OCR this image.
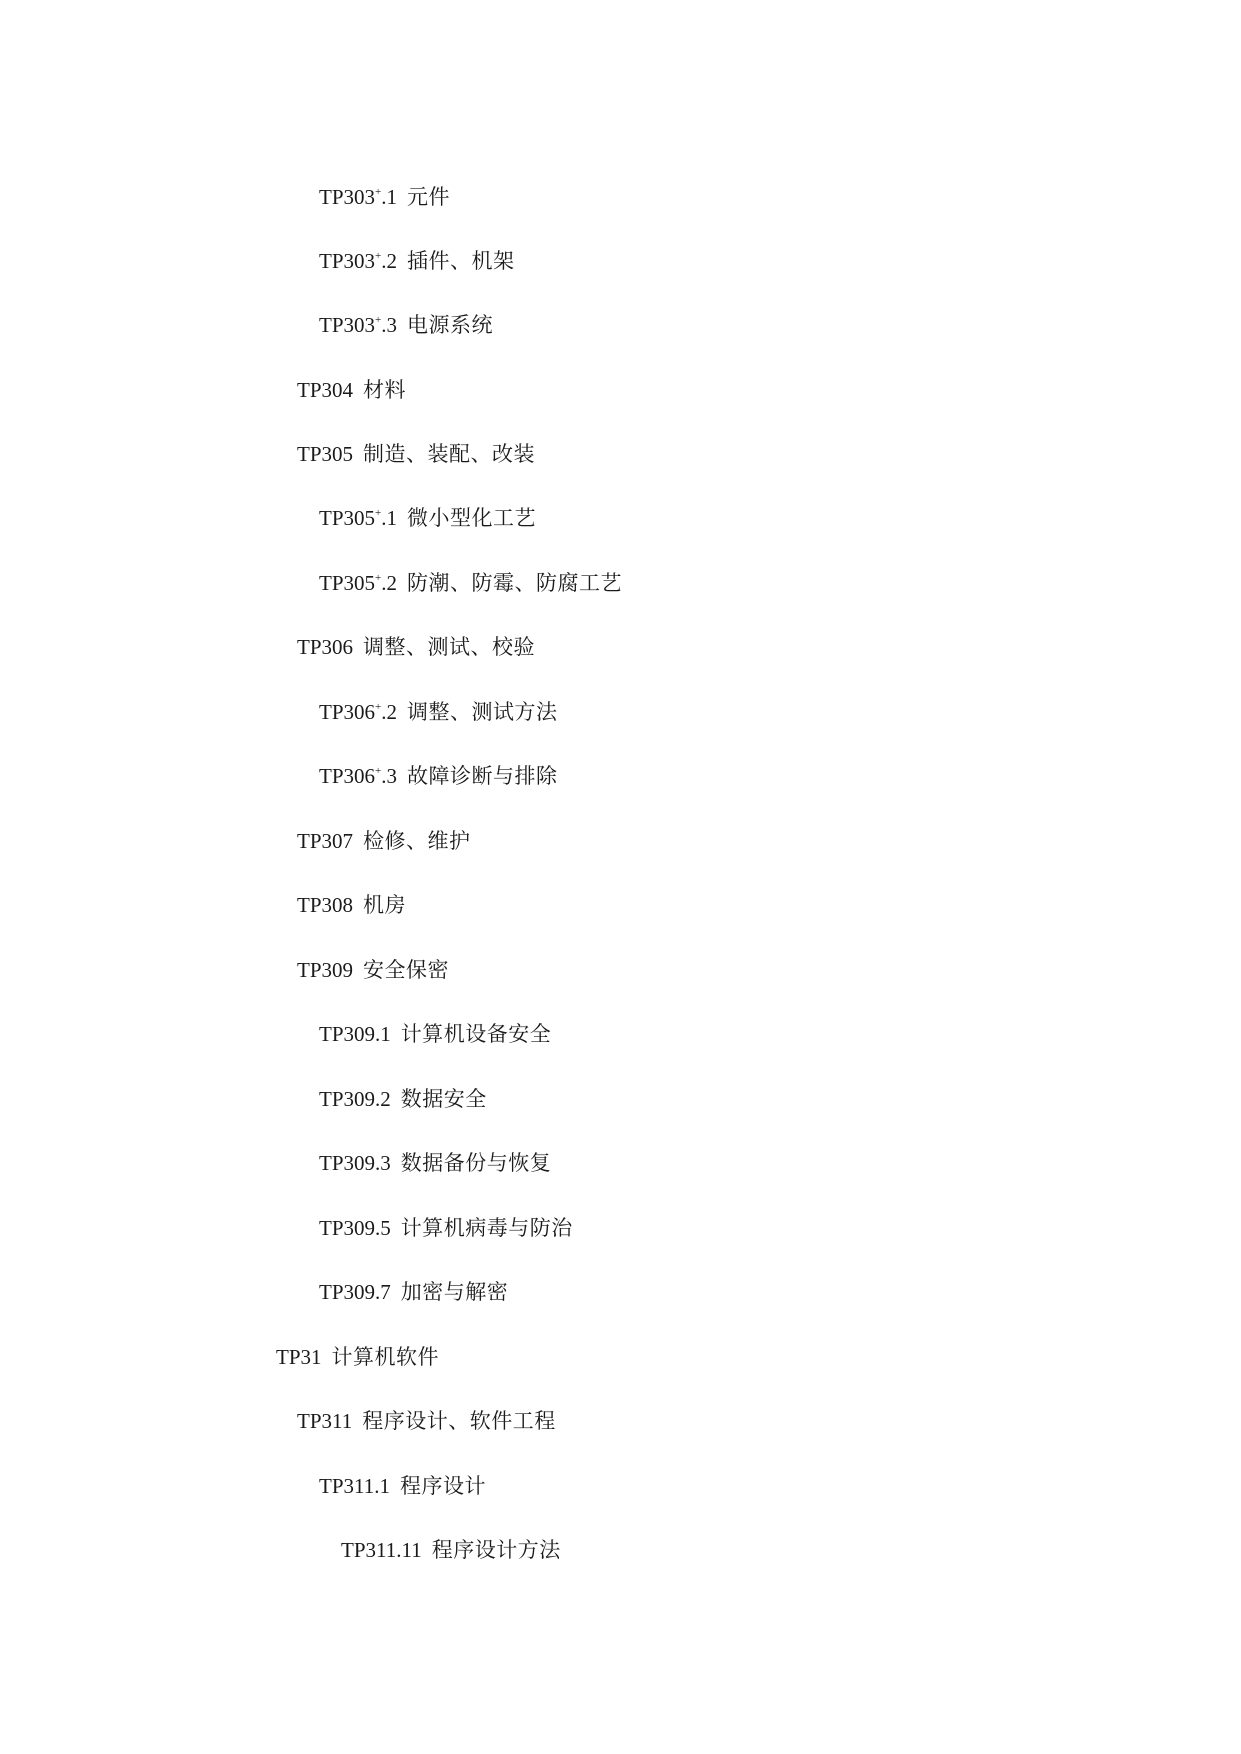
TP303+.1 元件
TP303+.2 插件、机架
TP303+.3 电源系统
TP304 材料
TP305 制造、装配、改装
TP305+.1 微小型化工艺
TP305+.2 防潮、防霉、防腐工艺
TP306 调整、测试、校验
TP306+.2 调整、测试方法
TP306+.3 故障诊断与排除
TP307 检修、维护
TP308 机房
TP309 安全保密
TP309.1 计算机设备安全
TP309.2 数据安全
TP309.3 数据备份与恢复
TP309.5 计算机病毒与防治
TP309.7 加密与解密
TP31 计算机软件
TP311 程序设计、软件工程
TP311.1 程序设计
TP311.11 程序设计方法
